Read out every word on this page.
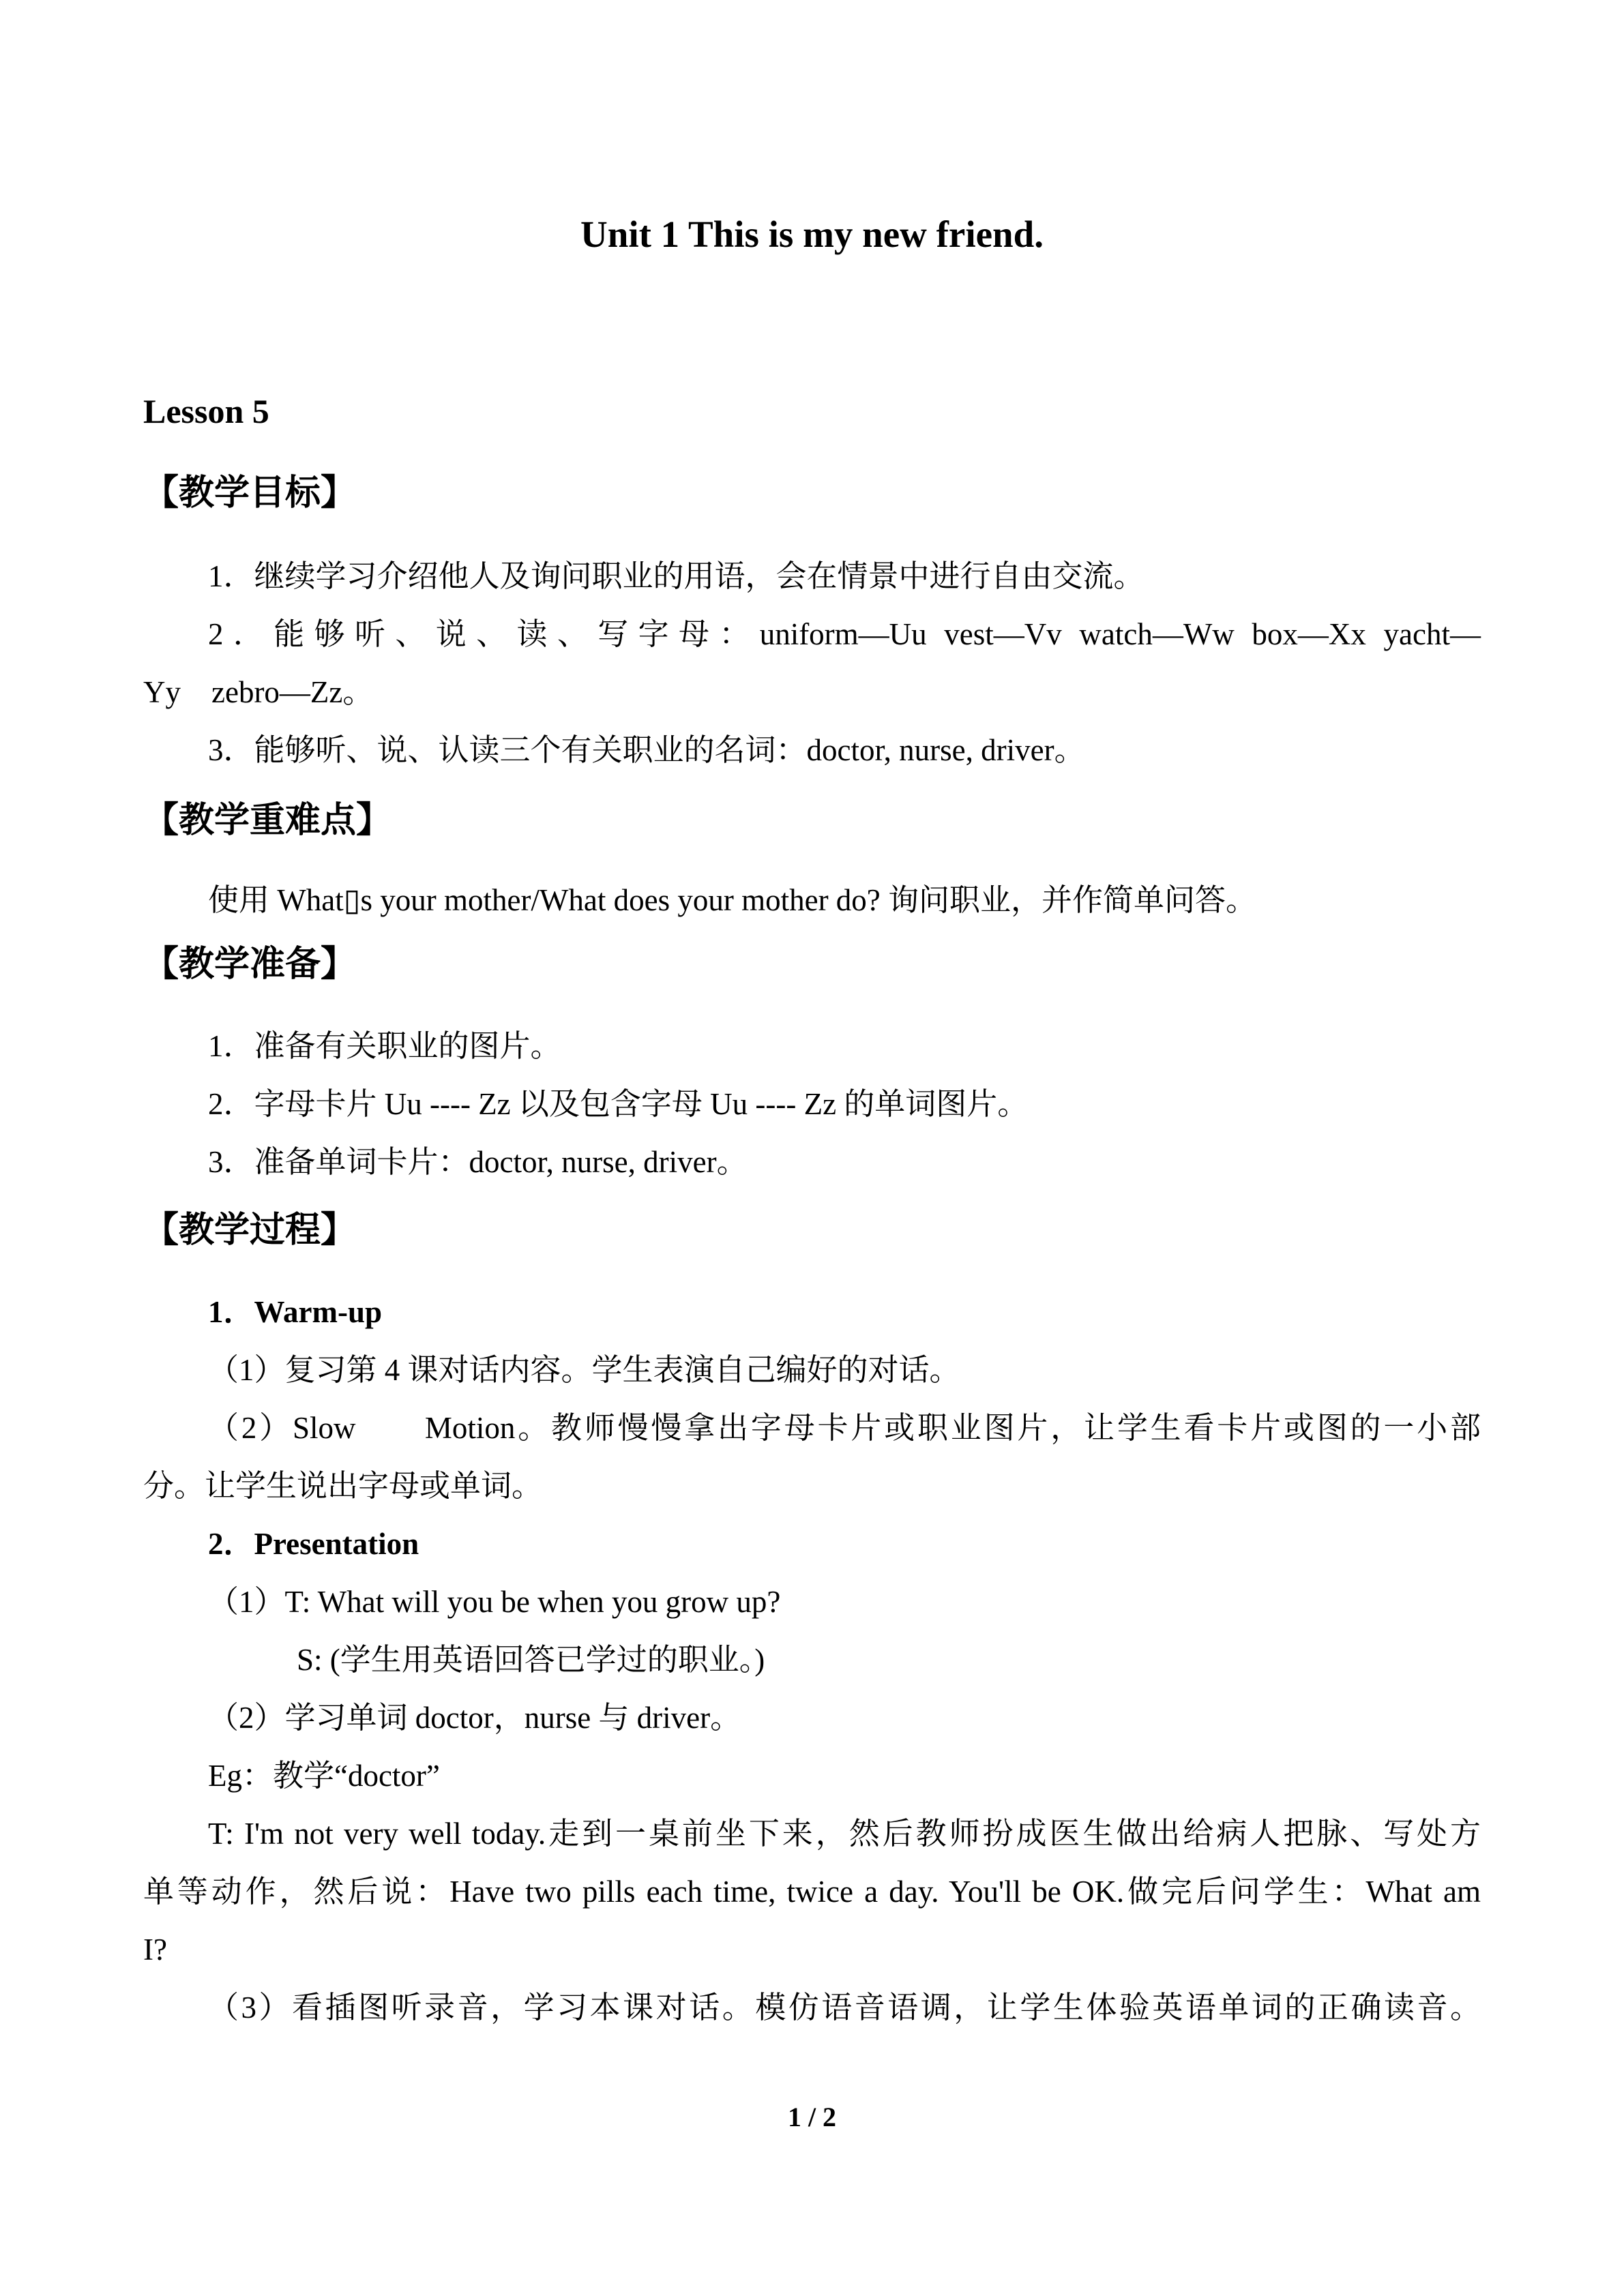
Unit 1 This is my new friend.
Lesson 5
【教学目标】
1．继续学习介绍他人及询问职业的用语，会在情景中进行自由交流。
2．能够听、说、读、写字母：uniform—Uu vest—Vv watch—Ww box—Xx yacht—
Yy　zebro—Zz。
3．能够听、说、认读三个有关职业的名词：doctor, nurse, driver。
【教学重难点】
使用 What▯s your mother/What does your mother do? 询问职业，并作简单问答。
【教学准备】
1．准备有关职业的图片。
2．字母卡片 Uu ---- Zz 以及包含字母 Uu ---- Zz 的单词图片。
3．准备单词卡片：doctor, nurse, driver。
【教学过程】
1．Warm-up
（1）复习第 4 课对话内容。学生表演自己编好的对话。
（2）Slow　　Motion。教师慢慢拿出字母卡片或职业图片，让学生看卡片或图的一小部
分。让学生说出字母或单词。
2．Presentation
（1）T: What will you be when you grow up?
S: (学生用英语回答已学过的职业。)
（2）学习单词 doctor，nurse 与 driver。
Eg：教学“doctor”
T: I'm not very well today.走到一桌前坐下来，然后教师扮成医生做出给病人把脉、写处方
单等动作，然后说：Have two pills each time, twice a day. You'll be OK.做完后问学生：What am
I?
（3）看插图听录音，学习本课对话。模仿语音语调，让学生体验英语单词的正确读音。
1 / 2
